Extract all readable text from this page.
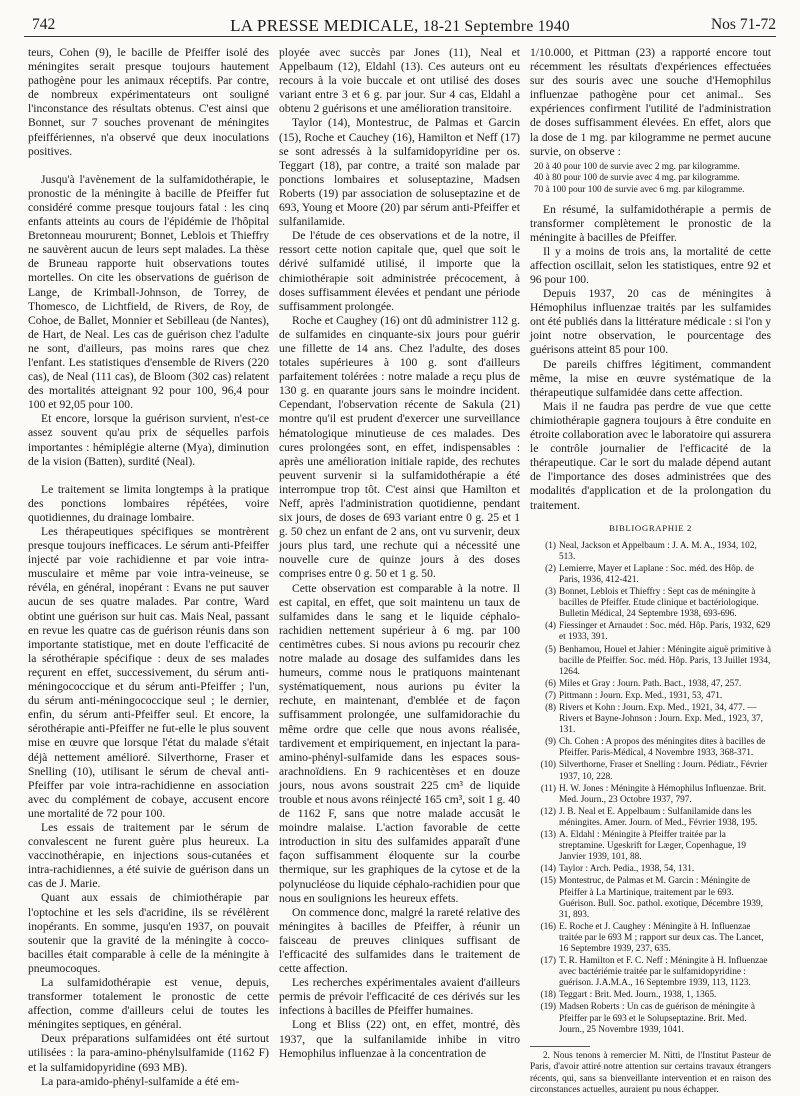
742	LA PRESSE MEDICALE, 18-21 Septembre 1940	Nos 71-72

teurs, Cohen (9), le bacille de Pfeiffer isolé des méningites serait presque toujours hautement pathogène pour les animaux réceptifs. Par contre, de nombreux expérimentateurs ont souligné l'inconstance des résultats obtenus. C'est ainsi que Bonnet, sur 7 souches provenant de méningites pfeiffériennes, n'a observé que deux inoculations positives.

Jusqu'à l'avènement de la sulfamidothérapie, le pronostic de la méningite à bacille de Pfeiffer fut considéré comme presque toujours fatal : les cinq enfants atteints au cours de l'épidémie de l'hôpital Bretonneau moururent; Bonnet, Leblois et Thieffry ne sauvèrent aucun de leurs sept malades. La thèse de Bruneau rapporte huit observations toutes mortelles. On cite les observations de guérison de Lange, de Krimball-Johnson, de Torrey, de Thomesco, de Lichtfield, de Rivers, de Roy, de Cohoe, de Ballet, Monnier et Sebilleau (de Nantes), de Hart, de Neal. Les cas de guérison chez l'adulte ne sont, d'ailleurs, pas moins rares que chez l'enfant. Les statistiques d'ensemble de Rivers (220 cas), de Neal (111 cas), de Bloom (302 cas) relatent des mortalités atteignant 92 pour 100, 96,4 pour 100 et 92,05 pour 100.

Et encore, lorsque la guérison survient, n'est-ce assez souvent qu'au prix de séquelles parfois importantes : hémiplégie alterne (Mya), diminution de la vision (Batten), surdité (Neal).

Le traitement se limita longtemps à la pratique des ponctions lombaires répétées, voire quotidiennes, du drainage lombaire.

Les thérapeutiques spécifiques se montrèrent presque toujours inefficaces. Le sérum anti-Pfeiffer injecté par voie rachidienne et par voie intra-musculaire et même par voie intra-veineuse, se révéla, en général, inopérant : Evans ne put sauver aucun de ses quatre malades. Par contre, Ward obtint une guérison sur huit cas. Mais Neal, passant en revue les quatre cas de guérison réunis dans son importante statistique, met en doute l'efficacité de la sérothérapie spécifique : deux de ses malades reçurent en effet, successivement, du sérum anti-méningococcique et du sérum anti-Pfeiffer ; l'un, du sérum anti-méningococcique seul ; le dernier, enfin, du sérum anti-Pfeiffer seul. Et encore, la sérothérapie anti-Pfeiffer ne fut-elle le plus souvent mise en œuvre que lorsque l'état du malade s'était déjà nettement amélioré. Silverthorne, Fraser et Snelling (10), utilisant le sérum de cheval anti-Pfeiffer par voie intra-rachidienne en association avec du complément de cobaye, accusent encore une mortalité de 72 pour 100.

Les essais de traitement par le sérum de convalescent ne furent guère plus heureux. La vaccinothérapie, en injections sous-cutanées et intra-rachidiennes, a été suivie de guérison dans un cas de J. Marie.

Quant aux essais de chimiothérapie par l'optochine et les sels d'acridine, ils se révélèrent inopérants. En somme, jusqu'en 1937, on pouvait soutenir que la gravité de la méningite à cocco-bacilles était comparable à celle de la méningite à pneumocoques.

La sulfamidothérapie est venue, depuis, transformer totalement le pronostic de cette affection, comme d'ailleurs celui de toutes les méningites septiques, en général.

Deux préparations sulfamidées ont été surtout utilisées : la para-amino-phénylsulfamide (1162 F) et la sulfamidopyridine (693 MB).

La para-amido-phényl-sulfamide a été em-

ployée avec succès par Jones (11), Neal et Appelbaum (12), Eldahl (13). Ces auteurs ont eu recours à la voie buccale et ont utilisé des doses variant entre 3 et 6 g. par jour. Sur 4 cas, Eldahl a obtenu 2 guérisons et une amélioration transitoire.

Taylor (14), Montestruc, de Palmas et Garcin (15), Roche et Cauchey (16), Hamilton et Neff (17) se sont adressés à la sulfamidopyridine per os. Teggart (18), par contre, a traité son malade par ponctions lombaires et soluseptazine, Madsen Roberts (19) par association de soluseptazine et de 693, Young et Moore (20) par sérum anti-Pfeiffer et sulfanilamide.

De l'étude de ces observations et de la notre, il ressort cette notion capitale que, quel que soit le dérivé sulfamidé utilisé, il importe que la chimiothérapie soit administrée précocement, à doses suffisamment élevées et pendant une période suffisamment prolongée.

Roche et Caughey (16) ont dû administrer 112 g. de sulfamides en cinquante-six jours pour guérir une fillette de 14 ans. Chez l'adulte, des doses totales supérieures à 100 g. sont d'ailleurs parfaitement tolérées : notre malade a reçu plus de 130 g. en quarante jours sans le moindre incident. Cependant, l'observation récente de Sakula (21) montre qu'il est prudent d'exercer une surveillance hématologique minutieuse de ces malades. Des cures prolongées sont, en effet, indispensables : après une amélioration initiale rapide, des rechutes peuvent survenir si la sulfamidothérapie a été interrompue trop tôt. C'est ainsi que Hamilton et Neff, après l'administration quotidienne, pendant six jours, de doses de 693 variant entre 0 g. 25 et 1 g. 50 chez un enfant de 2 ans, ont vu survenir, deux jours plus tard, une rechute qui a nécessité une nouvelle cure de quinze jours à des doses comprises entre 0 g. 50 et 1 g. 50.

Cette observation est comparable à la notre. Il est capital, en effet, que soit maintenu un taux de sulfamides dans le sang et le liquide céphalo-rachidien nettement supérieur à 6 mg. par 100 centimètres cubes. Si nous avions pu recourir chez notre malade au dosage des sulfamides dans les humeurs, comme nous le pratiquons maintenant systématiquement, nous aurions pu éviter la rechute, en maintenant, d'emblée et de façon suffisamment prolongée, une sulfamidorachie du même ordre que celle que nous avons réalisée, tardivement et empiriquement, en injectant la para-amino-phényl-sulfamide dans les espaces sous-arachnoïdiens. En 9 rachicentèses et en douze jours, nous avons soustrait 225 cm³ de liquide trouble et nous avons réinjecté 165 cm³, soit 1 g. 40 de 1162 F, sans que notre malade accusât le moindre malaise. L'action favorable de cette introduction in situ des sulfamides apparaît d'une façon suffisamment éloquente sur la courbe thermique, sur les graphiques de la cytose et de la polynucléose du liquide céphalo-rachidien pour que nous en soulignions les heureux effets.

On commence donc, malgré la rareté relative des méningites à bacilles de Pfeiffer, à réunir un faisceau de preuves cliniques suffisant de l'efficacité des sulfamides dans le traitement de cette affection.

Les recherches expérimentales avaient d'ailleurs permis de prévoir l'efficacité de ces dérivés sur les infections à bacilles de Pfeiffer humaines.

Long et Bliss (22) ont, en effet, montré, dès 1937, que la sulfanilamide inhibe in vitro Hemophilus influenzae à la concentration de

1/10.000, et Pittman (23) a rapporté encore tout récemment les résultats d'expériences effectuées sur des souris avec une souche d'Hemophilus influenzae pathogène pour cet animal.. Ses expériences confirment l'utilité de l'administration de doses suffisamment élevées. En effet, alors que la dose de 1 mg. par kilogramme ne permet aucune survie, on observe :

20 à 40 pour 100 de survie avec 2 mg. par kilogramme.
40 à 80 pour 100 de survie avec 4 mg. par kilogramme.
70 à 100 pour 100 de survie avec 6 mg. par kilogramme.

En résumé, la sulfamidothérapie a permis de transformer complètement le pronostic de la méningite à bacilles de Pfeiffer.

Il y a moins de trois ans, la mortalité de cette affection oscillait, selon les statistiques, entre 92 et 96 pour 100.

Depuis 1937, 20 cas de méningites à Hémophilus influenzae traités par les sulfamides ont été publiés dans la littérature médicale : si l'on y joint notre observation, le pourcentage des guérisons atteint 85 pour 100.

De pareils chiffres légitiment, commandent même, la mise en œuvre systématique de la thérapeutique sulfamidée dans cette affection.

Mais il ne faudra pas perdre de vue que cette chimiothérapie gagnera toujours à être conduite en étroite collaboration avec le laboratoire qui assurera le contrôle journalier de l'efficacité de la thérapeutique. Car le sort du malade dépend autant de l'importance des doses administrées que des modalités d'application et de la prolongation du traitement.

BIBLIOGRAPHIE 2
(1) Neal, Jackson et Appelbaum : J. A. M. A., 1934, 102, 513.
(2) Lemierre, Mayer et Laplane : Soc. méd. des Hôp. de Paris, 1936, 412-421.
(3) Bonnet, Leblois et Thieffry : Sept cas de méningite à bacilles de Pfeiffer. Etude clinique et bactériologique. Bulletin Médical, 24 Septembre 1938, 693-696.
(4) Fiessinger et Arnaudet : Soc. méd. Hôp. Paris, 1932, 629 et 1933, 391.
(5) Benhamou, Houel et Jahier : Méningite aiguë primitive à bacille de Pfeiffer. Soc. méd. Hôp. Paris, 13 Juillet 1934, 1264.
(6) Miles et Gray : Journ. Path. Bact., 1938, 47, 257.
(7) Pittmann : Journ. Exp. Med., 1931, 53, 471.
(8) Rivers et Kohn : Journ. Exp. Med., 1921, 34, 477. — Rivers et Bayne-Johnson : Journ. Exp. Med., 1923, 37, 131.
(9) Ch. Cohen : A propos des méningites dites à bacilles de Pfeiffer. Paris-Médical, 4 Novembre 1933, 368-371.
(10) Silverthorne, Fraser et Snelling : Journ. Pédiatr., Février 1937, 10, 228.
(11) H. W. Jones : Méningite à Hémophilus Influenzae. Brit. Med. Journ., 23 Octobre 1937, 797.
(12) J. B. Neal et E. Appelbaum : Sulfanilamide dans les méningites. Amer. Journ. of Med., Février 1938, 195.
(13) A. Eldahl : Méningite à Pfeiffer traitée par la streptamine. Ugeskrift for Læger, Copenhague, 19 Janvier 1939, 101, 88.
(14) Taylor : Arch. Pedia., 1938, 54, 131.
(15) Montestruc, de Palmas et M. Garcin : Méningite de Pfeiffer à La Martinique, traitement par le 693. Guérison. Bull. Soc. pathol. exotique, Décembre 1939, 31, 893.
(16) E. Roche et J. Caughey : Méningite à H. Influenzae traitée par le 693 M ; rapport sur deux cas. The Lancet, 16 Septembre 1939, 237, 635.
(17) T. R. Hamilton et F. C. Neff : Méningite à H. Influenzae avec bactériémie traitée par le sulfamidopyridine : guérison. J.A.M.A., 16 Septembre 1939, 113, 1123.
(18) Teggart : Brit. Med. Journ., 1938, 1, 1365.
(19) Madsen Roberts : Un cas de guérison de méningite à Pfeiffer par le 693 et le Solupseptazine. Brit. Med. Journ., 25 Novembre 1939, 1041.

2. Nous tenons à remercier M. Nitti, de l'Institut Pasteur de Paris, d'avoir attiré notre attention sur certains travaux étrangers récents, qui, sans sa bienveillante intervention et en raison des circonstances actuelles, auraient pu nous échapper.
